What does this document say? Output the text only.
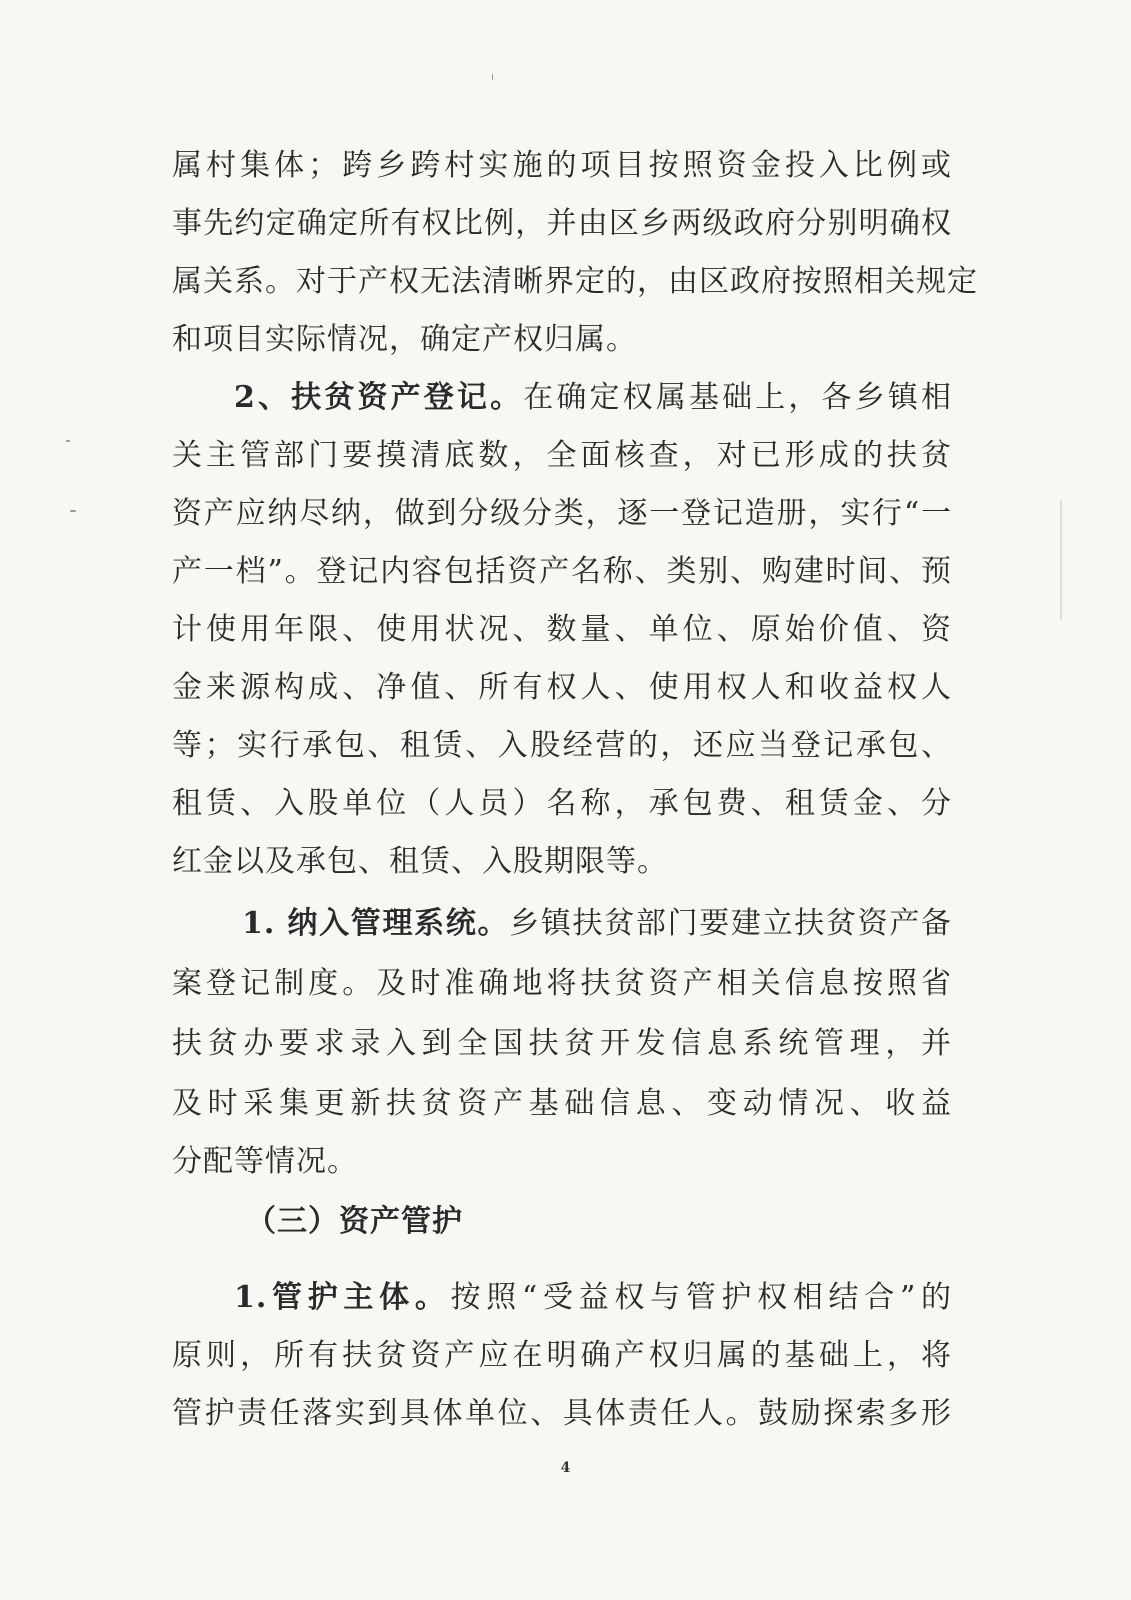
属村集体；跨乡跨村实施的项目按照资金投入比例或
事先约定确定所有权比例，并由区乡两级政府分别明确权
属关系。对于产权无法清晰界定的，由区政府按照相关规定
和项目实际情况，确定产权归属。
2、扶贫资产登记。在确定权属基础上，各乡镇相
关主管部门要摸清底数，全面核查，对已形成的扶贫
资产应纳尽纳，做到分级分类，逐一登记造册，实行“一
产一档”。登记内容包括资产名称、类别、购建时间、预
计使用年限、使用状况、数量、单位、原始价值、资
金来源构成、净值、所有权人、使用权人和收益权人
等；实行承包、租赁、入股经营的，还应当登记承包、
租赁、入股单位（人员）名称，承包费、租赁金、分
红金以及承包、租赁、入股期限等。
1. 纳入管理系统。乡镇扶贫部门要建立扶贫资产备
案登记制度。及时准确地将扶贫资产相关信息按照省
扶贫办要求录入到全国扶贫开发信息系统管理，并
及时采集更新扶贫资产基础信息、变动情况、收益
分配等情况。
（三）资产管护
1.管护主体。按照“受益权与管护权相结合”的
原则，所有扶贫资产应在明确产权归属的基础上，将
管护责任落实到具体单位、具体责任人。鼓励探索多形
4
